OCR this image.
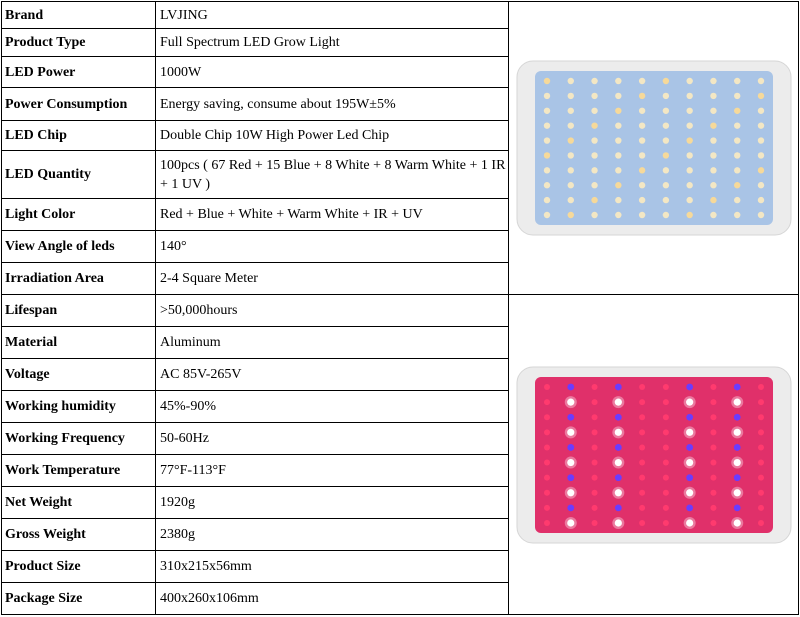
Brand	LVJING	

Product Type	Full Spectrum LED Grow Light	
LED Power	1000W	
Power Consumption	Energy saving, consume about 195W±5%	
LED Chip	Double Chip 10W High Power Led Chip	
LED Quantity	100pcs ( 67 Red + 15 Blue + 8 White + 8 Warm White + 1 IR + 1 UV )	
Light Color	Red + Blue + White + Warm White + IR + UV	
View Angle of leds	140°	
Irradiation Area	2-4 Square Meter	
Lifespan	>50,000hours	

Material	Aluminum	
Voltage	AC 85V-265V	
Working humidity	45%-90%	
Working Frequency	50-60Hz	
Work Temperature	77°F-113°F	
Net Weight	1920g	
Gross Weight	2380g	
Product Size	310x215x56mm	
Package Size	400x260x106mm	
